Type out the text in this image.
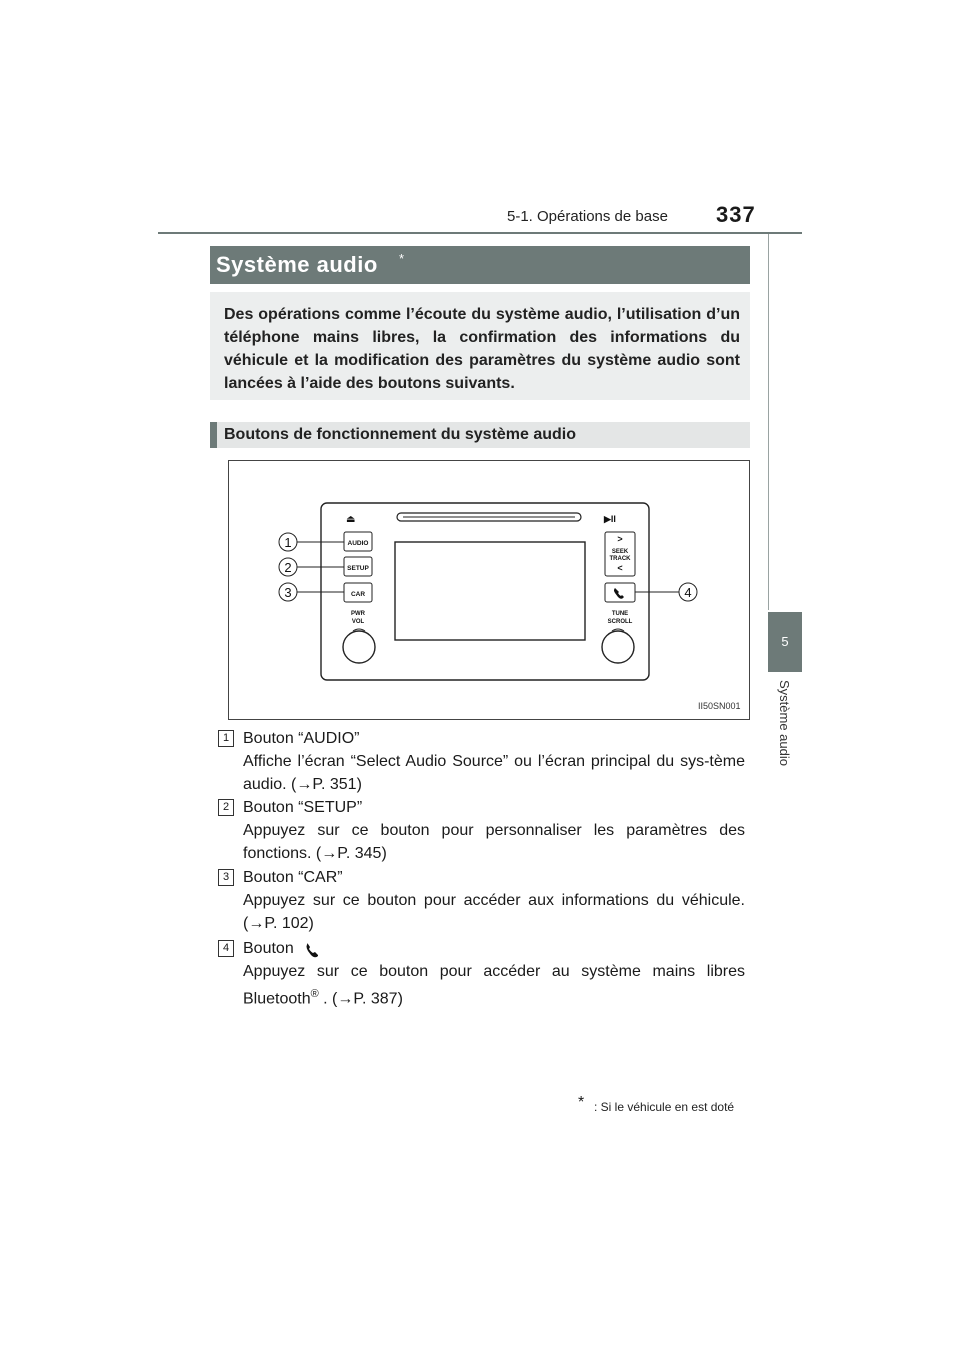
5-1. Opérations de base 337
5
Système audio
Système audio *
Des opérations comme l’écoute du système audio, l’utilisation d’un téléphone mains libres, la confirmation des informations du véhicule et la modification des paramètres du système audio sont lancées à l’aide des boutons suivants.
Boutons de fonctionnement du système audio
⏏	▶II
AUDIO
SETUP
CAR
PWR
VOL
>
SEEK
TRACK
<
TUNE
SCROLL
1
2
3	4
II50SN001
1 Bouton “AUDIO”
Affiche l’écran “Select Audio Source” ou l’écran principal du sys-tème audio. (→P. 351)
2 Bouton “SETUP”
Appuyez sur ce bouton pour personnaliser les paramètres des fonctions. (→P. 345)
3 Bouton “CAR”
Appuyez sur ce bouton pour accéder aux informations du véhicule. (→P. 102)
4 Bouton
Appuyez sur ce bouton pour accéder au système mains libres Bluetooth® . (→P. 387)
* : Si le véhicule en est doté
